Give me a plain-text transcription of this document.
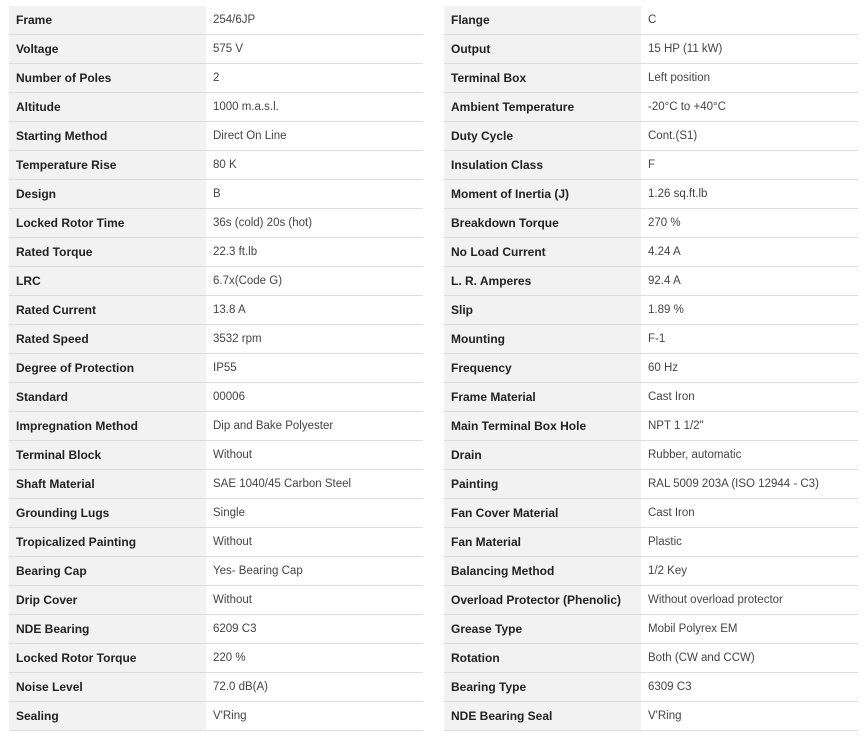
Frame	254/6JP
Voltage	575 V
Number of Poles	2
Altitude	1000 m.a.s.l.
Starting Method	Direct On Line
Temperature Rise	80 K
Design	B
Locked Rotor Time	36s (cold) 20s (hot)
Rated Torque	22.3 ft.lb
LRC	6.7x(Code G)
Rated Current	13.8 A
Rated Speed	3532 rpm
Degree of Protection	IP55
Standard	00006
Impregnation Method	Dip and Bake Polyester
Terminal Block	Without
Shaft Material	SAE 1040/45 Carbon Steel
Grounding Lugs	Single
Tropicalized Painting	Without
Bearing Cap	Yes- Bearing Cap
Drip Cover	Without
NDE Bearing	6209 C3
Locked Rotor Torque	220 %
Noise Level	72.0 dB(A)
Sealing	V'Ring
Flange	C
Output	15 HP (11 kW)
Terminal Box	Left position
Ambient Temperature	-20°C to +40°C
Duty Cycle	Cont.(S1)
Insulation Class	F
Moment of Inertia (J)	1.26 sq.ft.lb
Breakdown Torque	270 %
No Load Current	4.24 A
L. R. Amperes	92.4 A
Slip	1.89 %
Mounting	F-1
Frequency	60 Hz
Frame Material	Cast Iron
Main Terminal Box Hole	NPT 1 1/2"
Drain	Rubber, automatic
Painting	RAL 5009 203A (ISO 12944 - C3)
Fan Cover Material	Cast Iron
Fan Material	Plastic
Balancing Method	1/2 Key
Overload Protector (Phenolic)	Without overload protector
Grease Type	Mobil Polyrex EM
Rotation	Both (CW and CCW)
Bearing Type	6309 C3
NDE Bearing Seal	V'Ring
